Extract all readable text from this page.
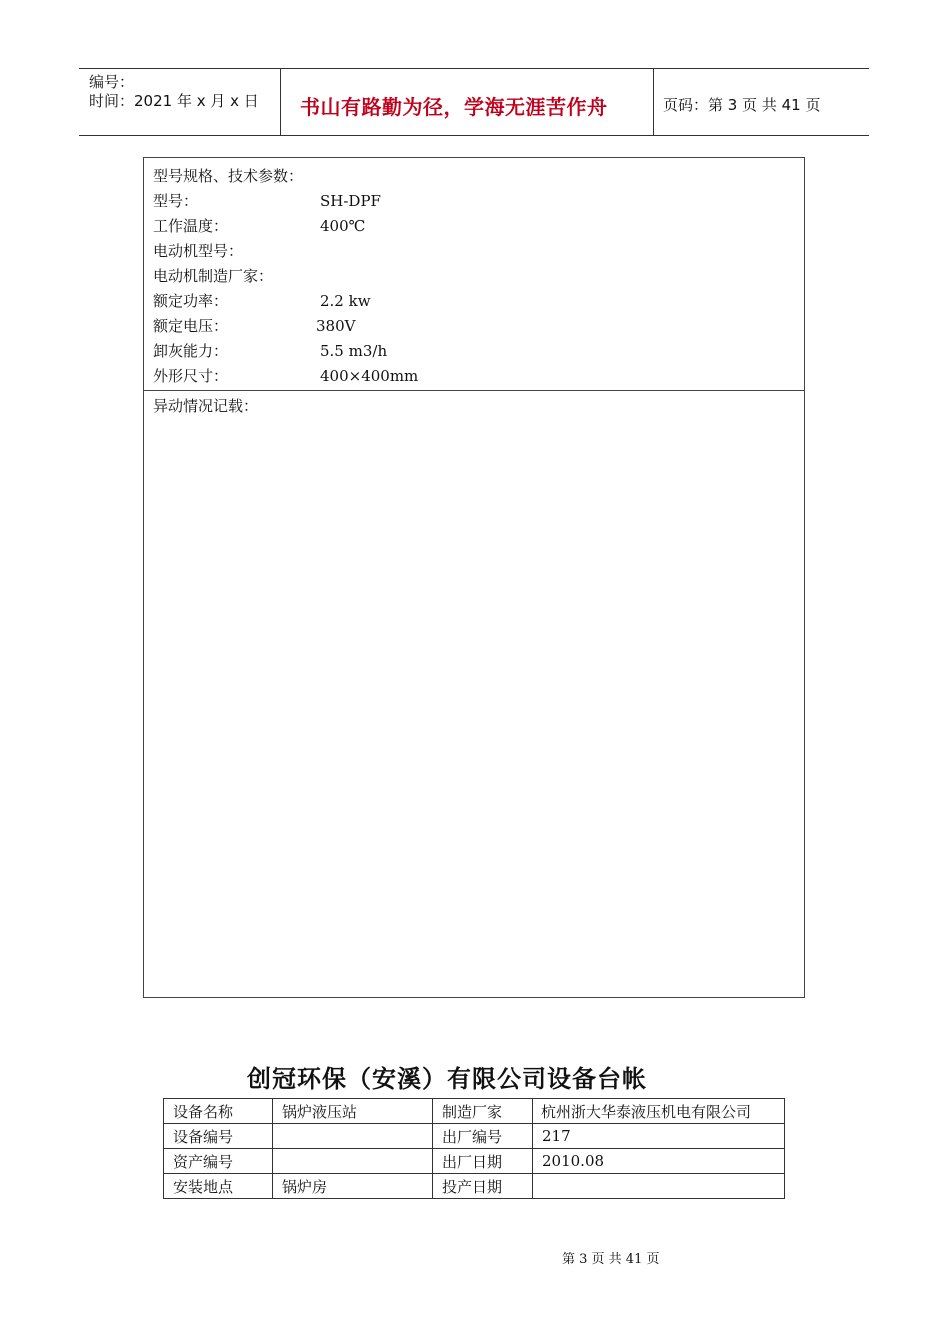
编号：
时间：2021 年 x 月 x 日 书山有路勤为径，学海无涯苦作舟	页码：第 3 页 共 41 页
型号规格、技术参数：
型号：	SH-DPF
工作温度：	400℃
电动机型号：
电动机制造厂家：
额定功率：	2.2 kw
额定电压：	380V
卸灰能力：	5.5 m3/h
外形尺寸：	400×400mm
异动情况记载：
创冠环保（安溪）有限公司设备台帐
设备名称	锅炉液压站	制造厂家	杭州浙大华泰液压机电有限公司
设备编号		出厂编号	217
资产编号		出厂日期	2010.08
安装地点	锅炉房	投产日期	
第 3 页 共 41 页
